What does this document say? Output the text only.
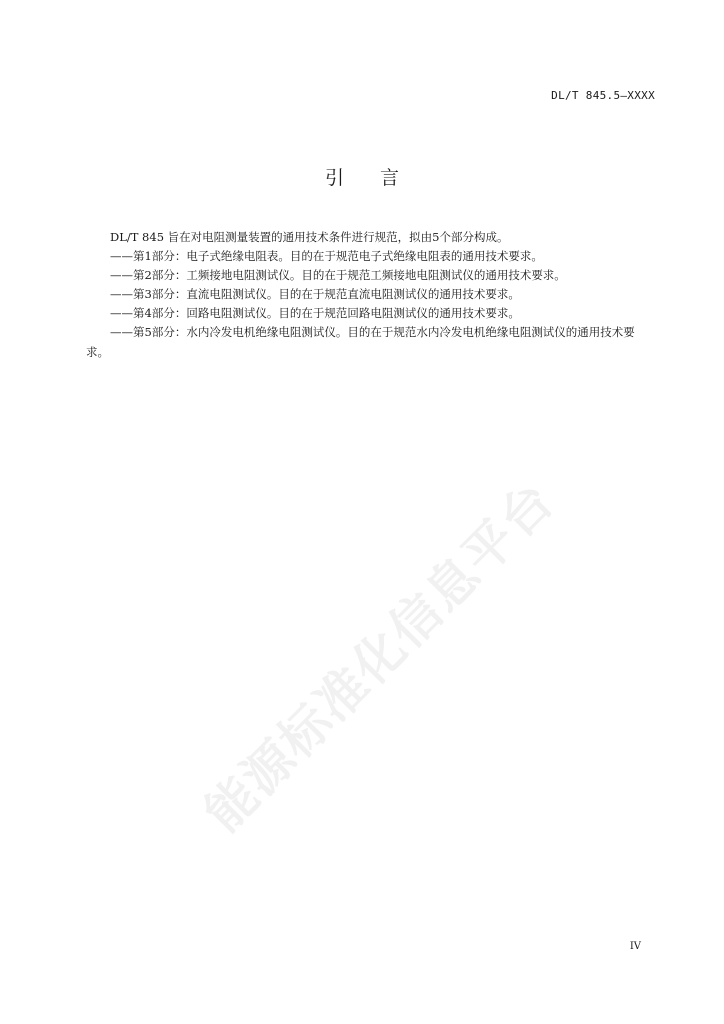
DL/T 845.5—XXXX
引 言

DL/T 845 旨在对电阻测量装置的通用技术条件进行规范，拟由5个部分构成。

——第1部分：电子式绝缘电阻表。目的在于规范电子式绝缘电阻表的通用技术要求。

——第2部分：工频接地电阻测试仪。目的在于规范工频接地电阻测试仪的通用技术要求。

——第3部分：直流电阻测试仪。目的在于规范直流电阻测试仪的通用技术要求。

——第4部分：回路电阻测试仪。目的在于规范回路电阻测试仪的通用技术要求。

——第5部分：水内冷发电机绝缘电阻测试仪。目的在于规范水内冷发电机绝缘电阻测试仪的通用技术要求。

能源标准化信息平台
IV
